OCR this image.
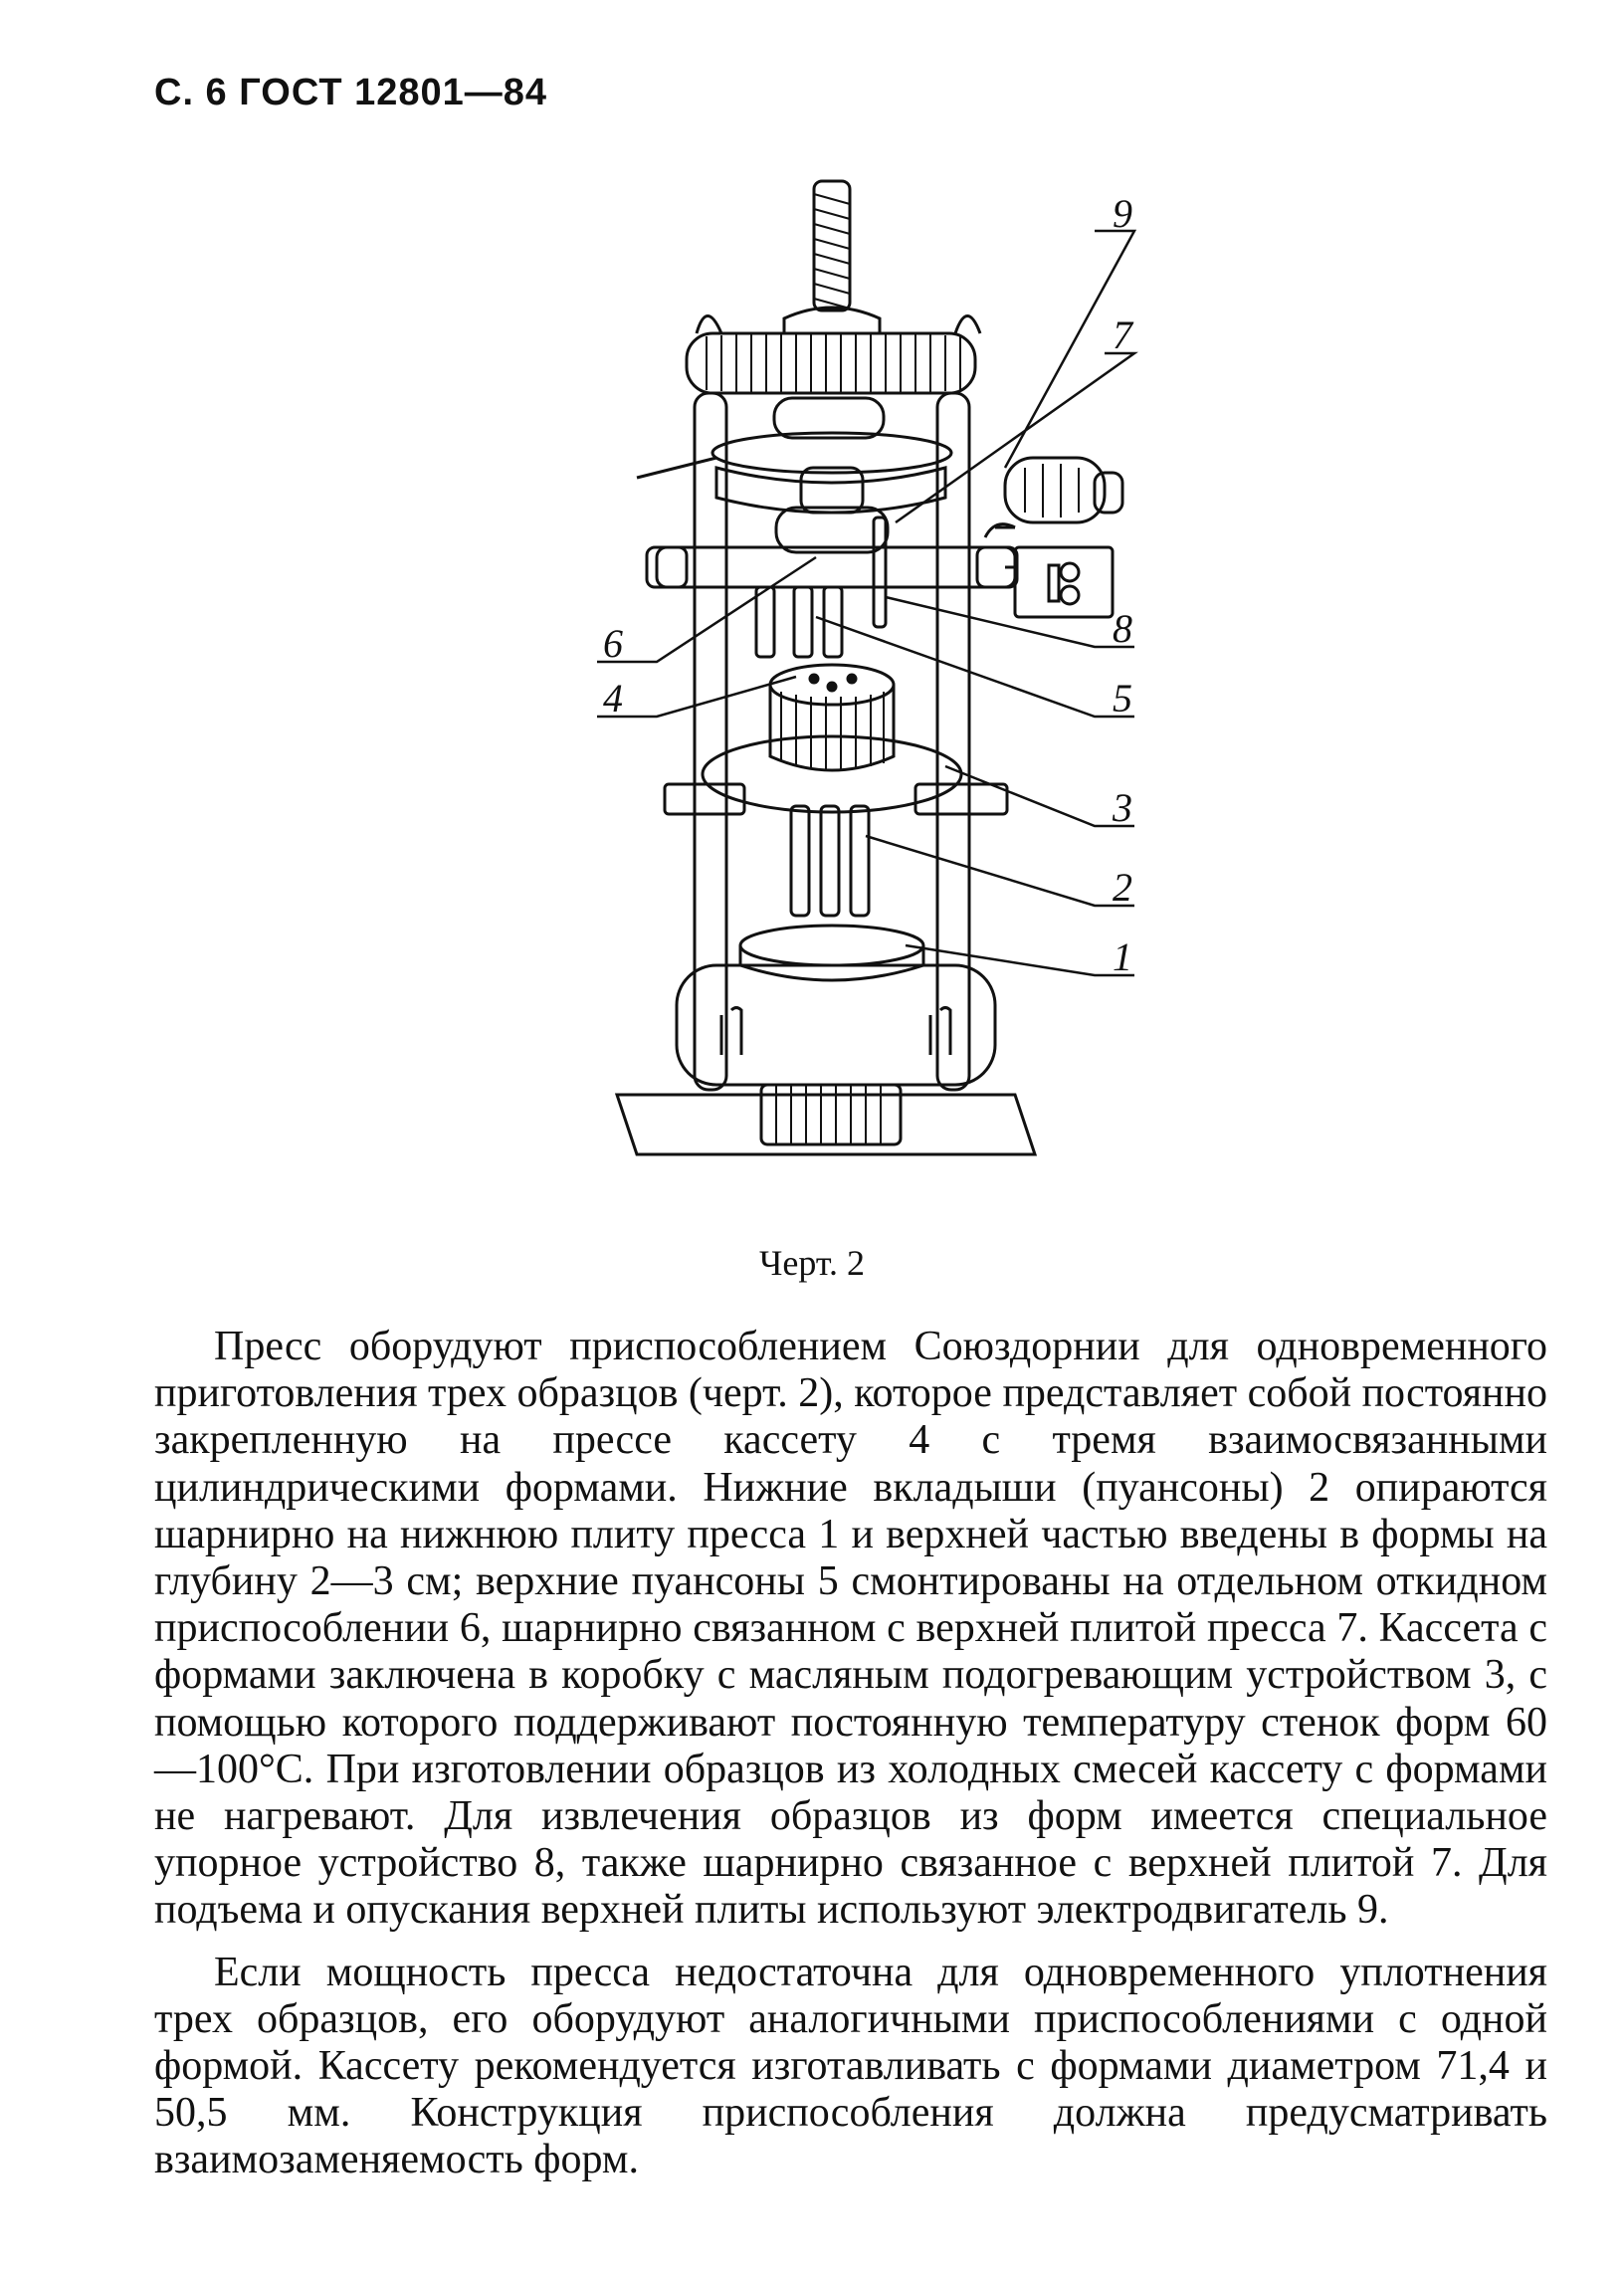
С. 6 ГОСТ 12801—84
9
7
6	8
4	5
3
2
1
Черт. 2

Пресс оборудуют приспособлением Союздорнии для одновременного приготовления трех образцов (черт. 2), которое представляет собой постоянно закрепленную на прессе кассету 4 с тремя взаимосвязанными цилиндрическими формами. Нижние вкладыши (пуансоны) 2 опираются шарнирно на нижнюю плиту пресса 1 и верхней частью введены в формы на глубину 2—3 см; верхние пуансоны 5 смонтированы на отдельном откидном приспособлении 6, шарнирно связанном с верхней плитой пресса 7. Кассета с формами заключена в коробку с масляным подогревающим устройством 3, с помощью которого поддерживают постоянную температуру стенок форм 60—100°С. При изготовлении образцов из холодных смесей кассету с формами не нагревают. Для извлечения образцов из форм имеется специальное упорное устройство 8, также шарнирно связанное с верхней плитой 7. Для подъема и опускания верхней плиты используют электродвигатель 9.

Если мощность пресса недостаточна для одновременного уплотнения трех образцов, его оборудуют аналогичными приспособлениями с одной формой. Кассету рекомендуется изготавливать с формами диаметром 71,4 и 50,5 мм. Конструкция приспособления должна предусматривать взаимозаменяемость форм.
